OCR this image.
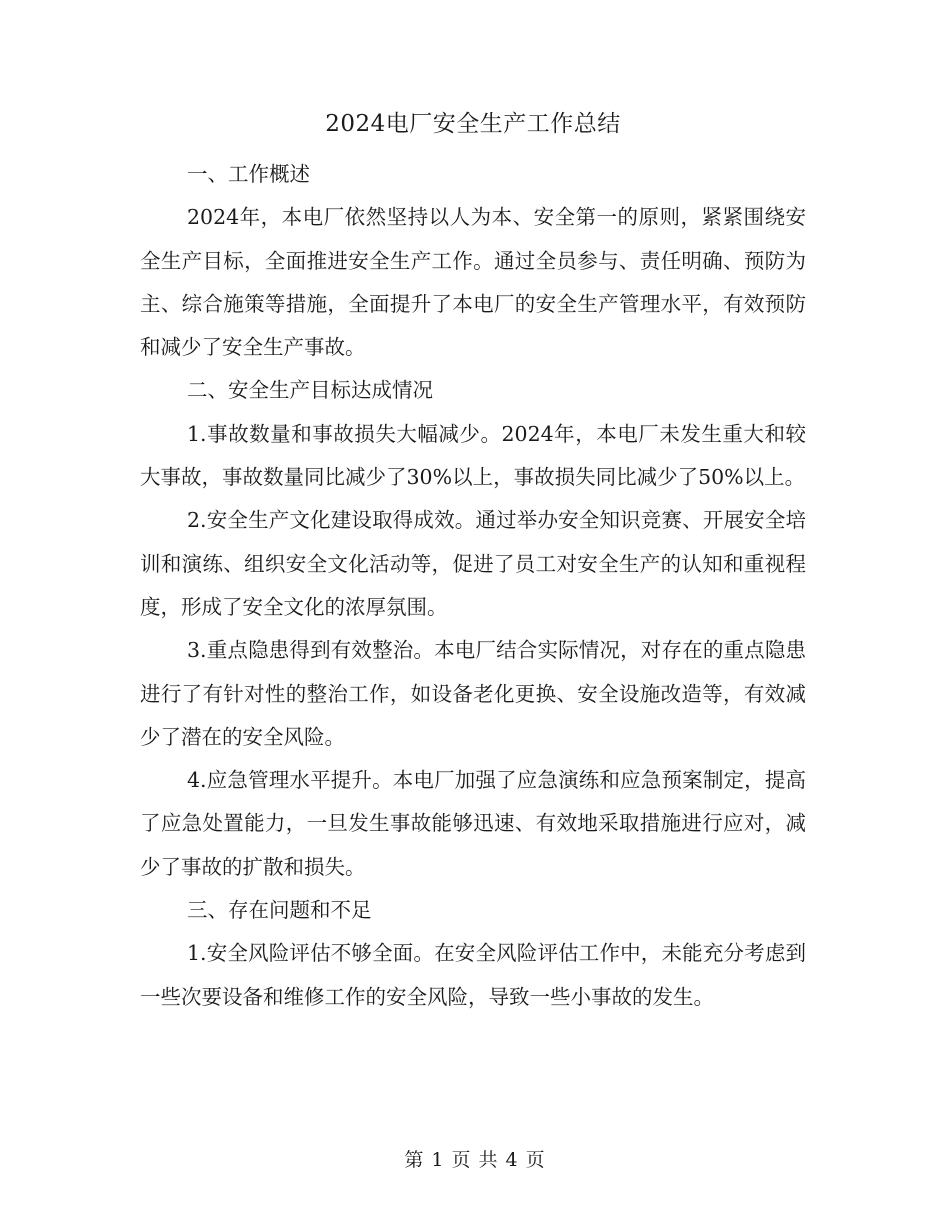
2024电厂安全生产工作总结

一、工作概述

2024年，本电厂依然坚持以人为本、安全第一的原则，紧紧围绕安全生产目标，全面推进安全生产工作。通过全员参与、责任明确、预防为主、综合施策等措施，全面提升了本电厂的安全生产管理水平，有效预防和减少了安全生产事故。

二、安全生产目标达成情况

1.事故数量和事故损失大幅减少。2024年，本电厂未发生重大和较大事故，事故数量同比减少了30%以上，事故损失同比减少了50%以上。

2.安全生产文化建设取得成效。通过举办安全知识竞赛、开展安全培训和演练、组织安全文化活动等，促进了员工对安全生产的认知和重视程度，形成了安全文化的浓厚氛围。

3.重点隐患得到有效整治。本电厂结合实际情况，对存在的重点隐患进行了有针对性的整治工作，如设备老化更换、安全设施改造等，有效减少了潜在的安全风险。

4.应急管理水平提升。本电厂加强了应急演练和应急预案制定，提高了应急处置能力，一旦发生事故能够迅速、有效地采取措施进行应对，减少了事故的扩散和损失。

三、存在问题和不足

1.安全风险评估不够全面。在安全风险评估工作中，未能充分考虑到一些次要设备和维修工作的安全风险，导致一些小事故的发生。

第 1 页 共 4 页
